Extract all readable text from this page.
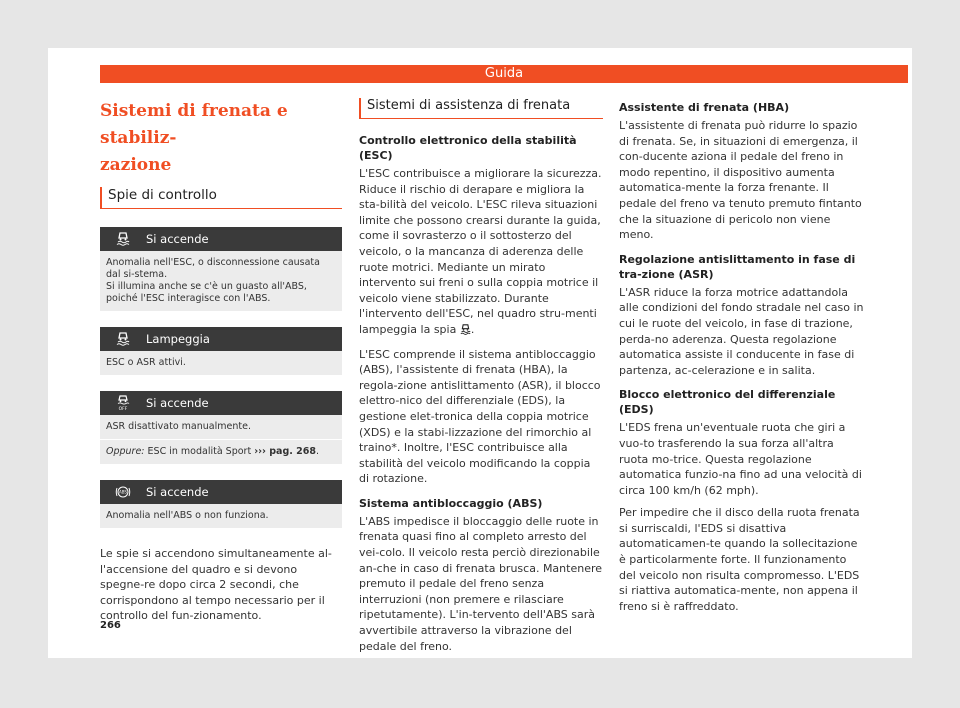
Guida
Sistemi di frenata e stabiliz-
zazione
Spie di controllo
Si accende

Anomalia nell'ESC, o disconnessione causata dal si-stema.

Si illumina anche se c'è un guasto all'ABS, poiché l'ESC interagisce con l'ABS.

Lampeggia

ESC o ASR attivi.

OFF Si accende

ASR disattivato manualmente.

Oppure: ESC in modalità Sport ››› pag. 268.

ABS Si accende

Anomalia nell'ABS o non funziona.

Le spie si accendono simultaneamente al-l'accensione del quadro e si devono spegne-re dopo circa 2 secondi, che corrispondono al tempo necessario per il controllo del fun-zionamento.

Sistemi di assistenza di frenata

Controllo elettronico della stabilità (ESC)

L'ESC contribuisce a migliorare la sicurezza. Riduce il rischio di derapare e migliora la sta-bilità del veicolo. L'ESC rileva situazioni limite che possono crearsi durante la guida, come il sovrasterzo o il sottosterzo del veicolo, o la mancanza di aderenza delle ruote motrici. Mediante un mirato intervento sui freni o sulla coppia motrice il veicolo viene stabilizzato. Durante l'intervento dell'ESC, nel quadro stru-menti lampeggia la spia .

L'ESC comprende il sistema antibloccaggio (ABS), l'assistente di frenata (HBA), la regola-zione antislittamento (ASR), il blocco elettro-nico del differenziale (EDS), la gestione elet-tronica della coppia motrice (XDS) e la stabi-lizzazione del rimorchio al traino*. Inoltre, l'ESC contribuisce alla stabilità del veicolo modificando la coppia di rotazione.

Sistema antibloccaggio (ABS)

L'ABS impedisce il bloccaggio delle ruote in frenata quasi fino al completo arresto del vei-colo. Il veicolo resta perciò direzionabile an-che in caso di frenata brusca. Mantenere premuto il pedale del freno senza interruzioni (non premere e rilasciare ripetutamente). L'in-tervento dell'ABS sarà avvertibile attraverso la vibrazione del pedale del freno.

Assistente di frenata (HBA)

L'assistente di frenata può ridurre lo spazio di frenata. Se, in situazioni di emergenza, il con-ducente aziona il pedale del freno in modo repentino, il dispositivo aumenta automatica-mente la forza frenante. Il pedale del freno va tenuto premuto fintanto che la situazione di pericolo non viene meno.

Regolazione antislittamento in fase di tra-zione (ASR)

L'ASR riduce la forza motrice adattandola alle condizioni del fondo stradale nel caso in cui le ruote del veicolo, in fase di trazione, perda-no aderenza. Questa regolazione automatica assiste il conducente in fase di partenza, ac-celerazione e in salita.

Blocco elettronico del differenziale (EDS)

L'EDS frena un'eventuale ruota che giri a vuo-to trasferendo la sua forza all'altra ruota mo-trice. Questa regolazione automatica funzio-na fino ad una velocità di circa 100 km/h (62 mph).

Per impedire che il disco della ruota frenata si surriscaldi, l'EDS si disattiva automaticamen-te quando la sollecitazione è particolarmente forte. Il funzionamento del veicolo non risulta compromesso. L'EDS si riattiva automatica-mente, non appena il freno si è raffreddato.

266
